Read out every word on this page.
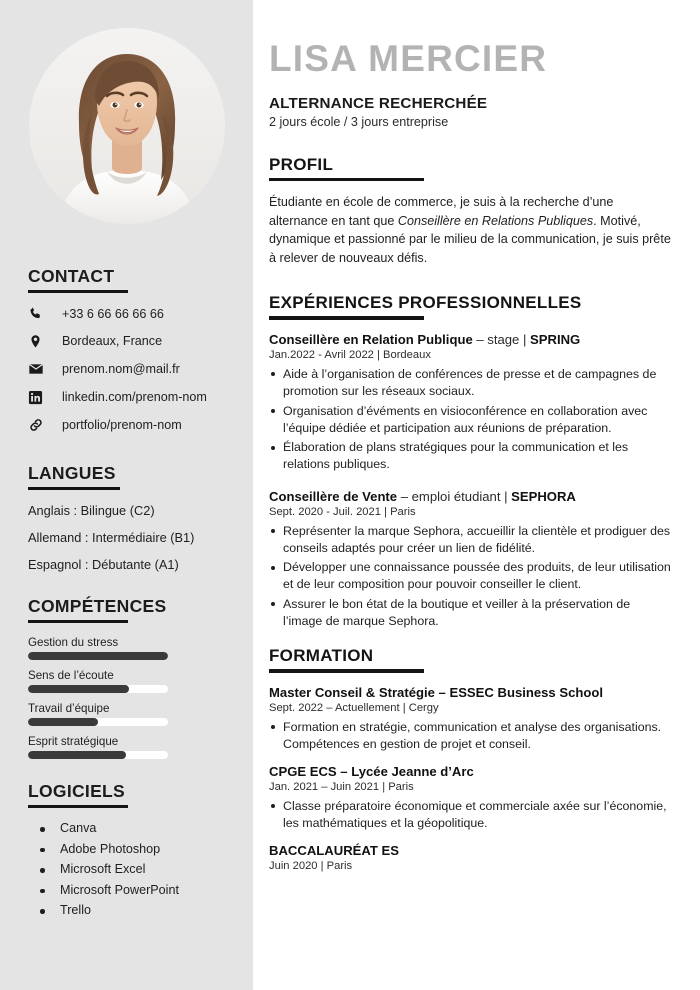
CONTACT
+33 6 66 66 66 66
Bordeaux, France
prenom.nom@mail.fr
linkedin.com/prenom-nom
portfolio/prenom-nom
LANGUES
Anglais : Bilingue (C2)
Allemand : Intermédiaire (B1)
Espagnol : Débutante (A1)
COMPÉTENCES
Gestion du stress
Sens de l’écoute
Travail d’équipe
Esprit stratégique
LOGICIELS
Canva
Adobe Photoshop
Microsoft Excel
Microsoft PowerPoint
Trello
LISA MERCIER
ALTERNANCE RECHERCHÉE
2 jours école / 3 jours entreprise
PROFIL

Étudiante en école de commerce, je suis à la recherche d’une alternance en tant que Conseillère en Relations Publiques. Motivé, dynamique et passionné par le milieu de la communication, je suis prête à relever de nouveaux défis.

EXPÉRIENCES PROFESSIONNELLES
Conseillère en Relation Publique – stage | SPRING
Jan.2022 - Avril 2022 | Bordeaux
Aide à l’organisation de conférences de presse et de campagnes de promotion sur les réseaux sociaux.
Organisation d’évéments en visioconférence en collaboration avec l’équipe dédiée et participation aux réunions de préparation.
Élaboration de plans stratégiques pour la communication et les relations publiques.
Conseillère de Vente – emploi étudiant | SEPHORA
Sept. 2020 - Juil. 2021 | Paris
Représenter la marque Sephora, accueillir la clientèle et prodiguer des conseils adaptés pour créer un lien de fidélité.
Développer une connaissance poussée des produits, de leur utilisation et de leur composition pour pouvoir conseiller le client.
Assurer le bon état de la boutique et veiller à la préservation de l’image de marque Sephora.
FORMATION
Master Conseil & Stratégie – ESSEC Business School
Sept. 2022 – Actuellement | Cergy
Formation en stratégie, communication et analyse des organisations. Compétences en gestion de projet et conseil.
CPGE ECS – Lycée Jeanne d’Arc
Jan. 2021 – Juin 2021 | Paris
Classe préparatoire économique et commerciale axée sur l’économie, les mathématiques et la géopolitique.
BACCALAURÉAT ES
Juin 2020 | Paris
